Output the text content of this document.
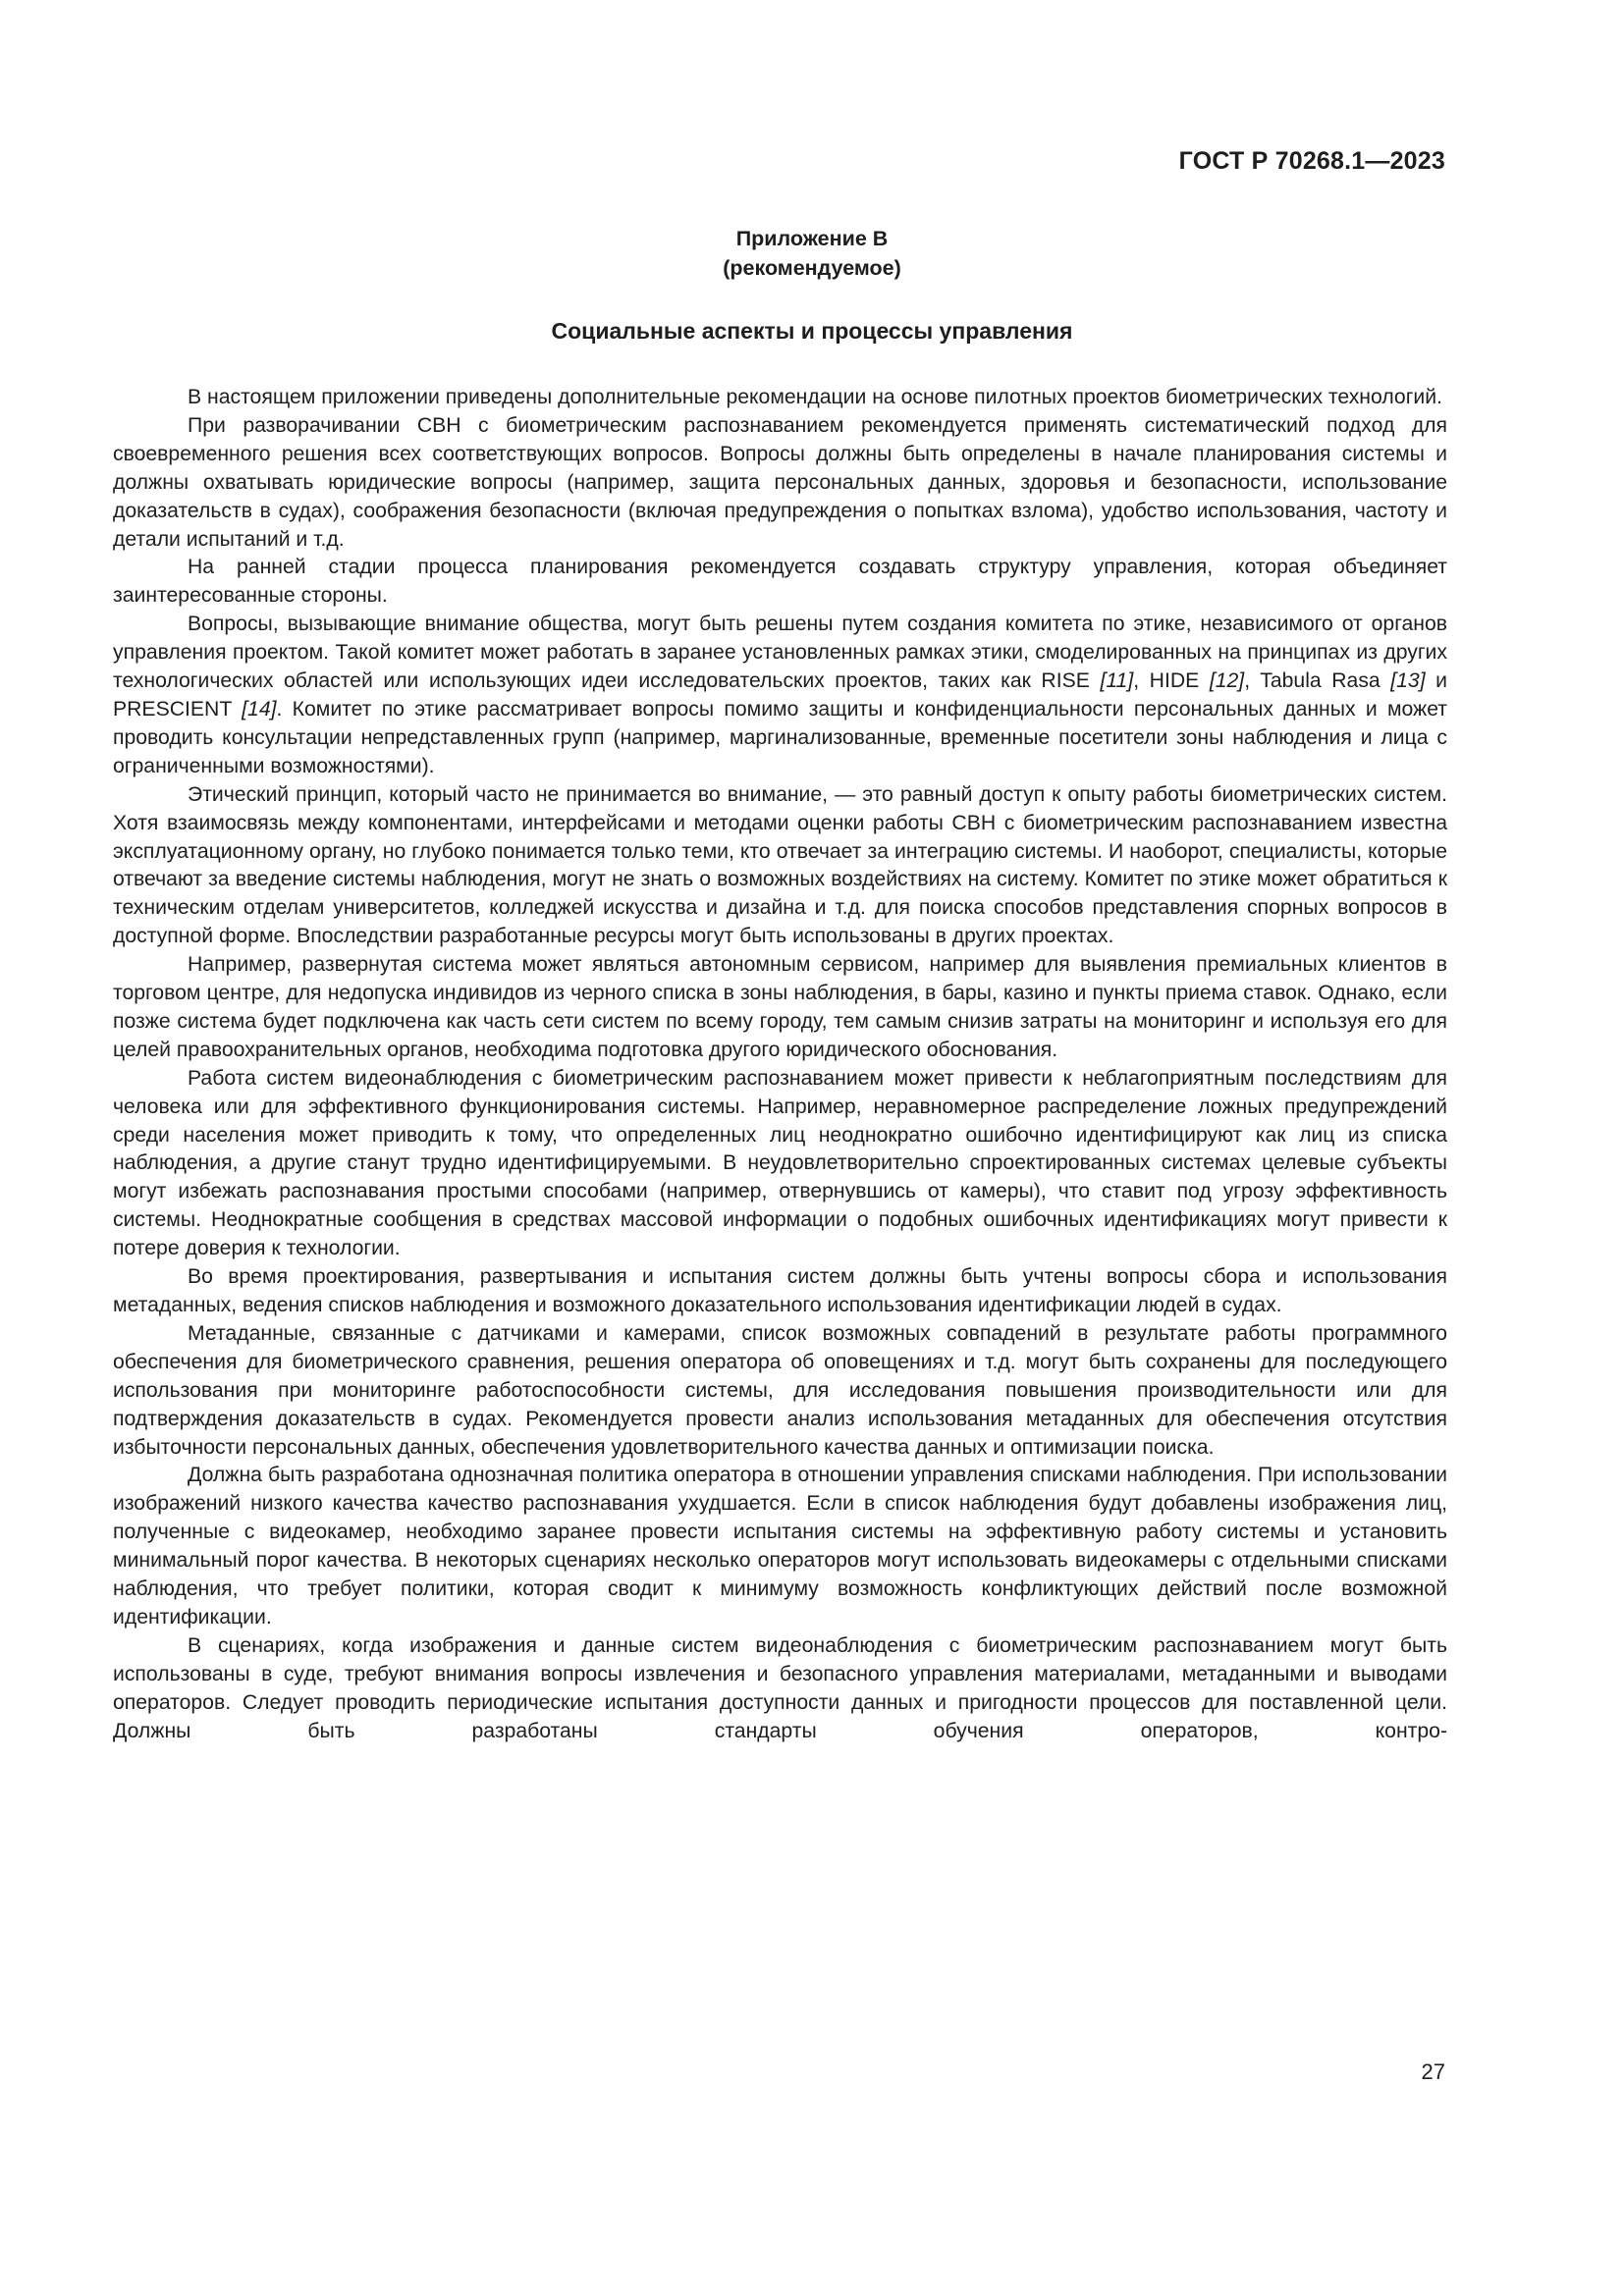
ГОСТ Р 70268.1—2023
Приложение В
(рекомендуемое)
Социальные аспекты и процессы управления

В настоящем приложении приведены дополнительные рекомендации на основе пилотных проектов биометрических технологий.

При разворачивании СВН с биометрическим распознаванием рекомендуется применять систематический подход для своевременного решения всех соответствующих вопросов. Вопросы должны быть определены в начале планирования системы и должны охватывать юридические вопросы (например, защита персональных данных, здоровья и безопасности, использование доказательств в судах), соображения безопасности (включая предупреждения о попытках взлома), удобство использования, частоту и детали испытаний и т.д.

На ранней стадии процесса планирования рекомендуется создавать структуру управления, которая объединяет заинтересованные стороны.

Вопросы, вызывающие внимание общества, могут быть решены путем создания комитета по этике, независимого от органов управления проектом. Такой комитет может работать в заранее установленных рамках этики, смоделированных на принципах из других технологических областей или использующих идеи исследовательских проектов, таких как RISE [11], HIDE [12], Tabula Rasa [13] и PRESCIENT [14]. Комитет по этике рассматривает вопросы помимо защиты и конфиденциальности персональных данных и может проводить консультации непредставленных групп (например, маргинализованные, временные посетители зоны наблюдения и лица с ограниченными возможностями).

Этический принцип, который часто не принимается во внимание, — это равный доступ к опыту работы биометрических систем. Хотя взаимосвязь между компонентами, интерфейсами и методами оценки работы СВН с биометрическим распознаванием известна эксплуатационному органу, но глубоко понимается только теми, кто отвечает за интеграцию системы. И наоборот, специалисты, которые отвечают за введение системы наблюдения, могут не знать о возможных воздействиях на систему. Комитет по этике может обратиться к техническим отделам университетов, колледжей искусства и дизайна и т.д. для поиска способов представления спорных вопросов в доступной форме. Впоследствии разработанные ресурсы могут быть использованы в других проектах.

Например, развернутая система может являться автономным сервисом, например для выявления премиальных клиентов в торговом центре, для недопуска индивидов из черного списка в зоны наблюдения, в бары, казино и пункты приема ставок. Однако, если позже система будет подключена как часть сети систем по всему городу, тем самым снизив затраты на мониторинг и используя его для целей правоохранительных органов, необходима подготовка другого юридического обоснования.

Работа систем видеонаблюдения с биометрическим распознаванием может привести к неблагоприятным последствиям для человека или для эффективного функционирования системы. Например, неравномерное распределение ложных предупреждений среди населения может приводить к тому, что определенных лиц неоднократно ошибочно идентифицируют как лиц из списка наблюдения, а другие станут трудно идентифицируемыми. В неудовлетворительно спроектированных системах целевые субъекты могут избежать распознавания простыми способами (например, отвернувшись от камеры), что ставит под угрозу эффективность системы. Неоднократные сообщения в средствах массовой информации о подобных ошибочных идентификациях могут привести к потере доверия к технологии.

Во время проектирования, развертывания и испытания систем должны быть учтены вопросы сбора и использования метаданных, ведения списков наблюдения и возможного доказательного использования идентификации людей в судах.

Метаданные, связанные с датчиками и камерами, список возможных совпадений в результате работы программного обеспечения для биометрического сравнения, решения оператора об оповещениях и т.д. могут быть сохранены для последующего использования при мониторинге работоспособности системы, для исследования повышения производительности или для подтверждения доказательств в судах. Рекомендуется провести анализ использования метаданных для обеспечения отсутствия избыточности персональных данных, обеспечения удовлетворительного качества данных и оптимизации поиска.

Должна быть разработана однозначная политика оператора в отношении управления списками наблюдения. При использовании изображений низкого качества качество распознавания ухудшается. Если в список наблюдения будут добавлены изображения лиц, полученные с видеокамер, необходимо заранее провести испытания системы на эффективную работу системы и установить минимальный порог качества. В некоторых сценариях несколько операторов могут использовать видеокамеры с отдельными списками наблюдения, что требует политики, которая сводит к минимуму возможность конфликтующих действий после возможной идентификации.

В сценариях, когда изображения и данные систем видеонаблюдения с биометрическим распознаванием могут быть использованы в суде, требуют внимания вопросы извлечения и безопасного управления материалами, метаданными и выводами операторов. Следует проводить периодические испытания доступности данных и пригодности процессов для поставленной цели. Должны быть разработаны стандарты обучения операторов, контро-

27
